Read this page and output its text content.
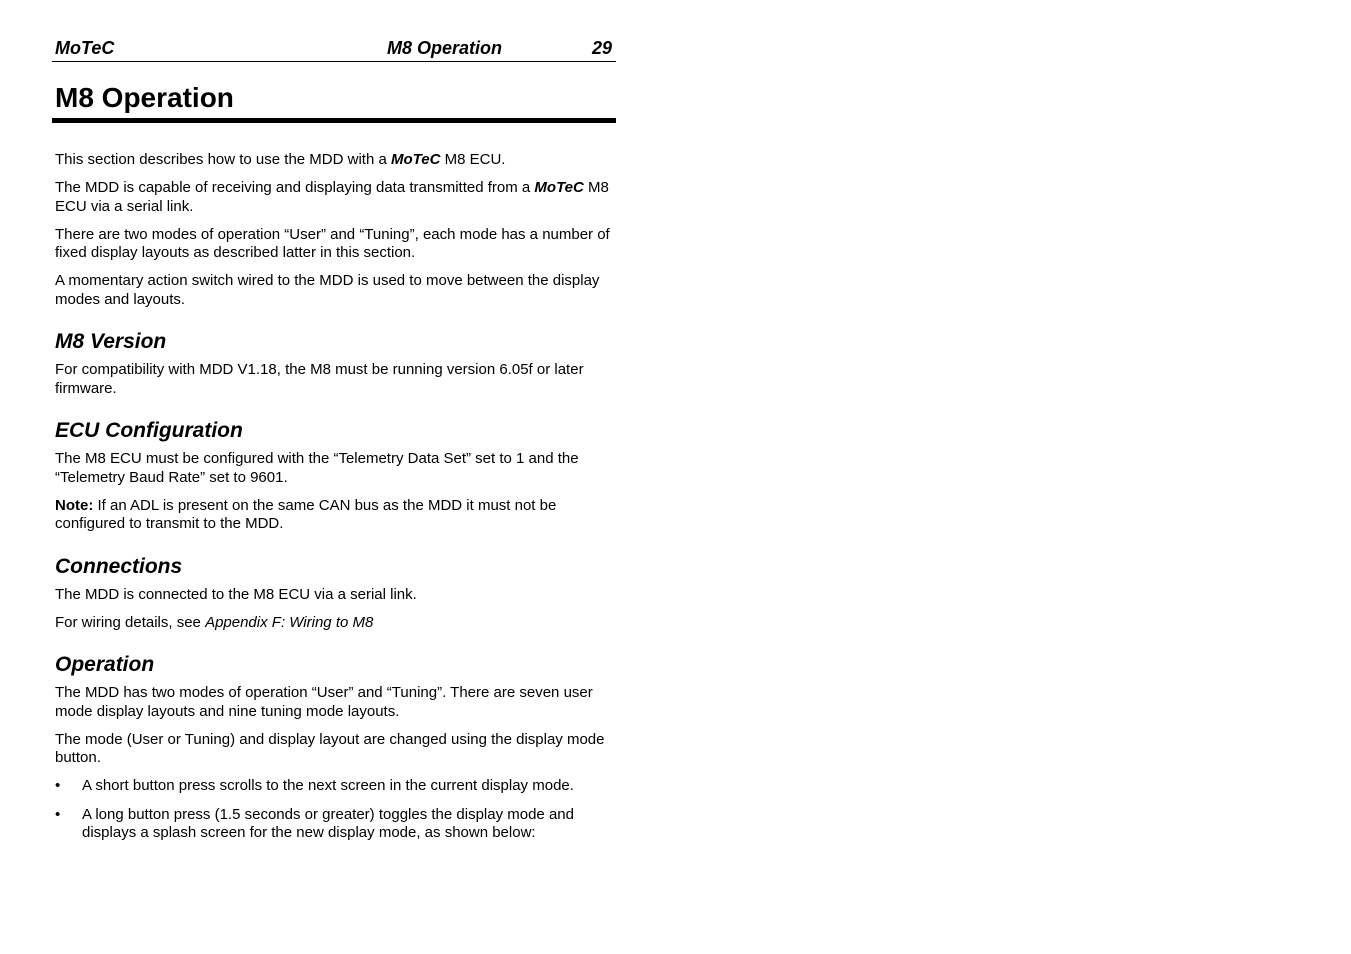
MoTeC	M8 Operation	29
M8 Operation

This section describes how to use the MDD with a MoTeC M8 ECU.

The MDD is capable of receiving and displaying data transmitted from a MoTeC M8 ECU via a serial link.

There are two modes of operation “User” and “Tuning”, each mode has a number of fixed display layouts as described latter in this section.

A momentary action switch wired to the MDD is used to move between the display modes and layouts.

M8 Version

For compatibility with MDD V1.18, the M8 must be running version 6.05f or later firmware.

ECU Configuration

The M8 ECU must be configured with the “Telemetry Data Set” set to 1 and the “Telemetry Baud Rate” set to 9601.

Note: If an ADL is present on the same CAN bus as the MDD it must not be configured to transmit to the MDD.

Connections

The MDD is connected to the M8 ECU via a serial link.

For wiring details, see Appendix F: Wiring to M8

Operation

The MDD has two modes of operation “User” and “Tuning”. There are seven user mode display layouts and nine tuning mode layouts.

The mode (User or Tuning) and display layout are changed using the display mode button.

• A short button press scrolls to the next screen in the current display mode.
• A long button press (1.5 seconds or greater) toggles the display mode and displays a splash screen for the new display mode, as shown below:
